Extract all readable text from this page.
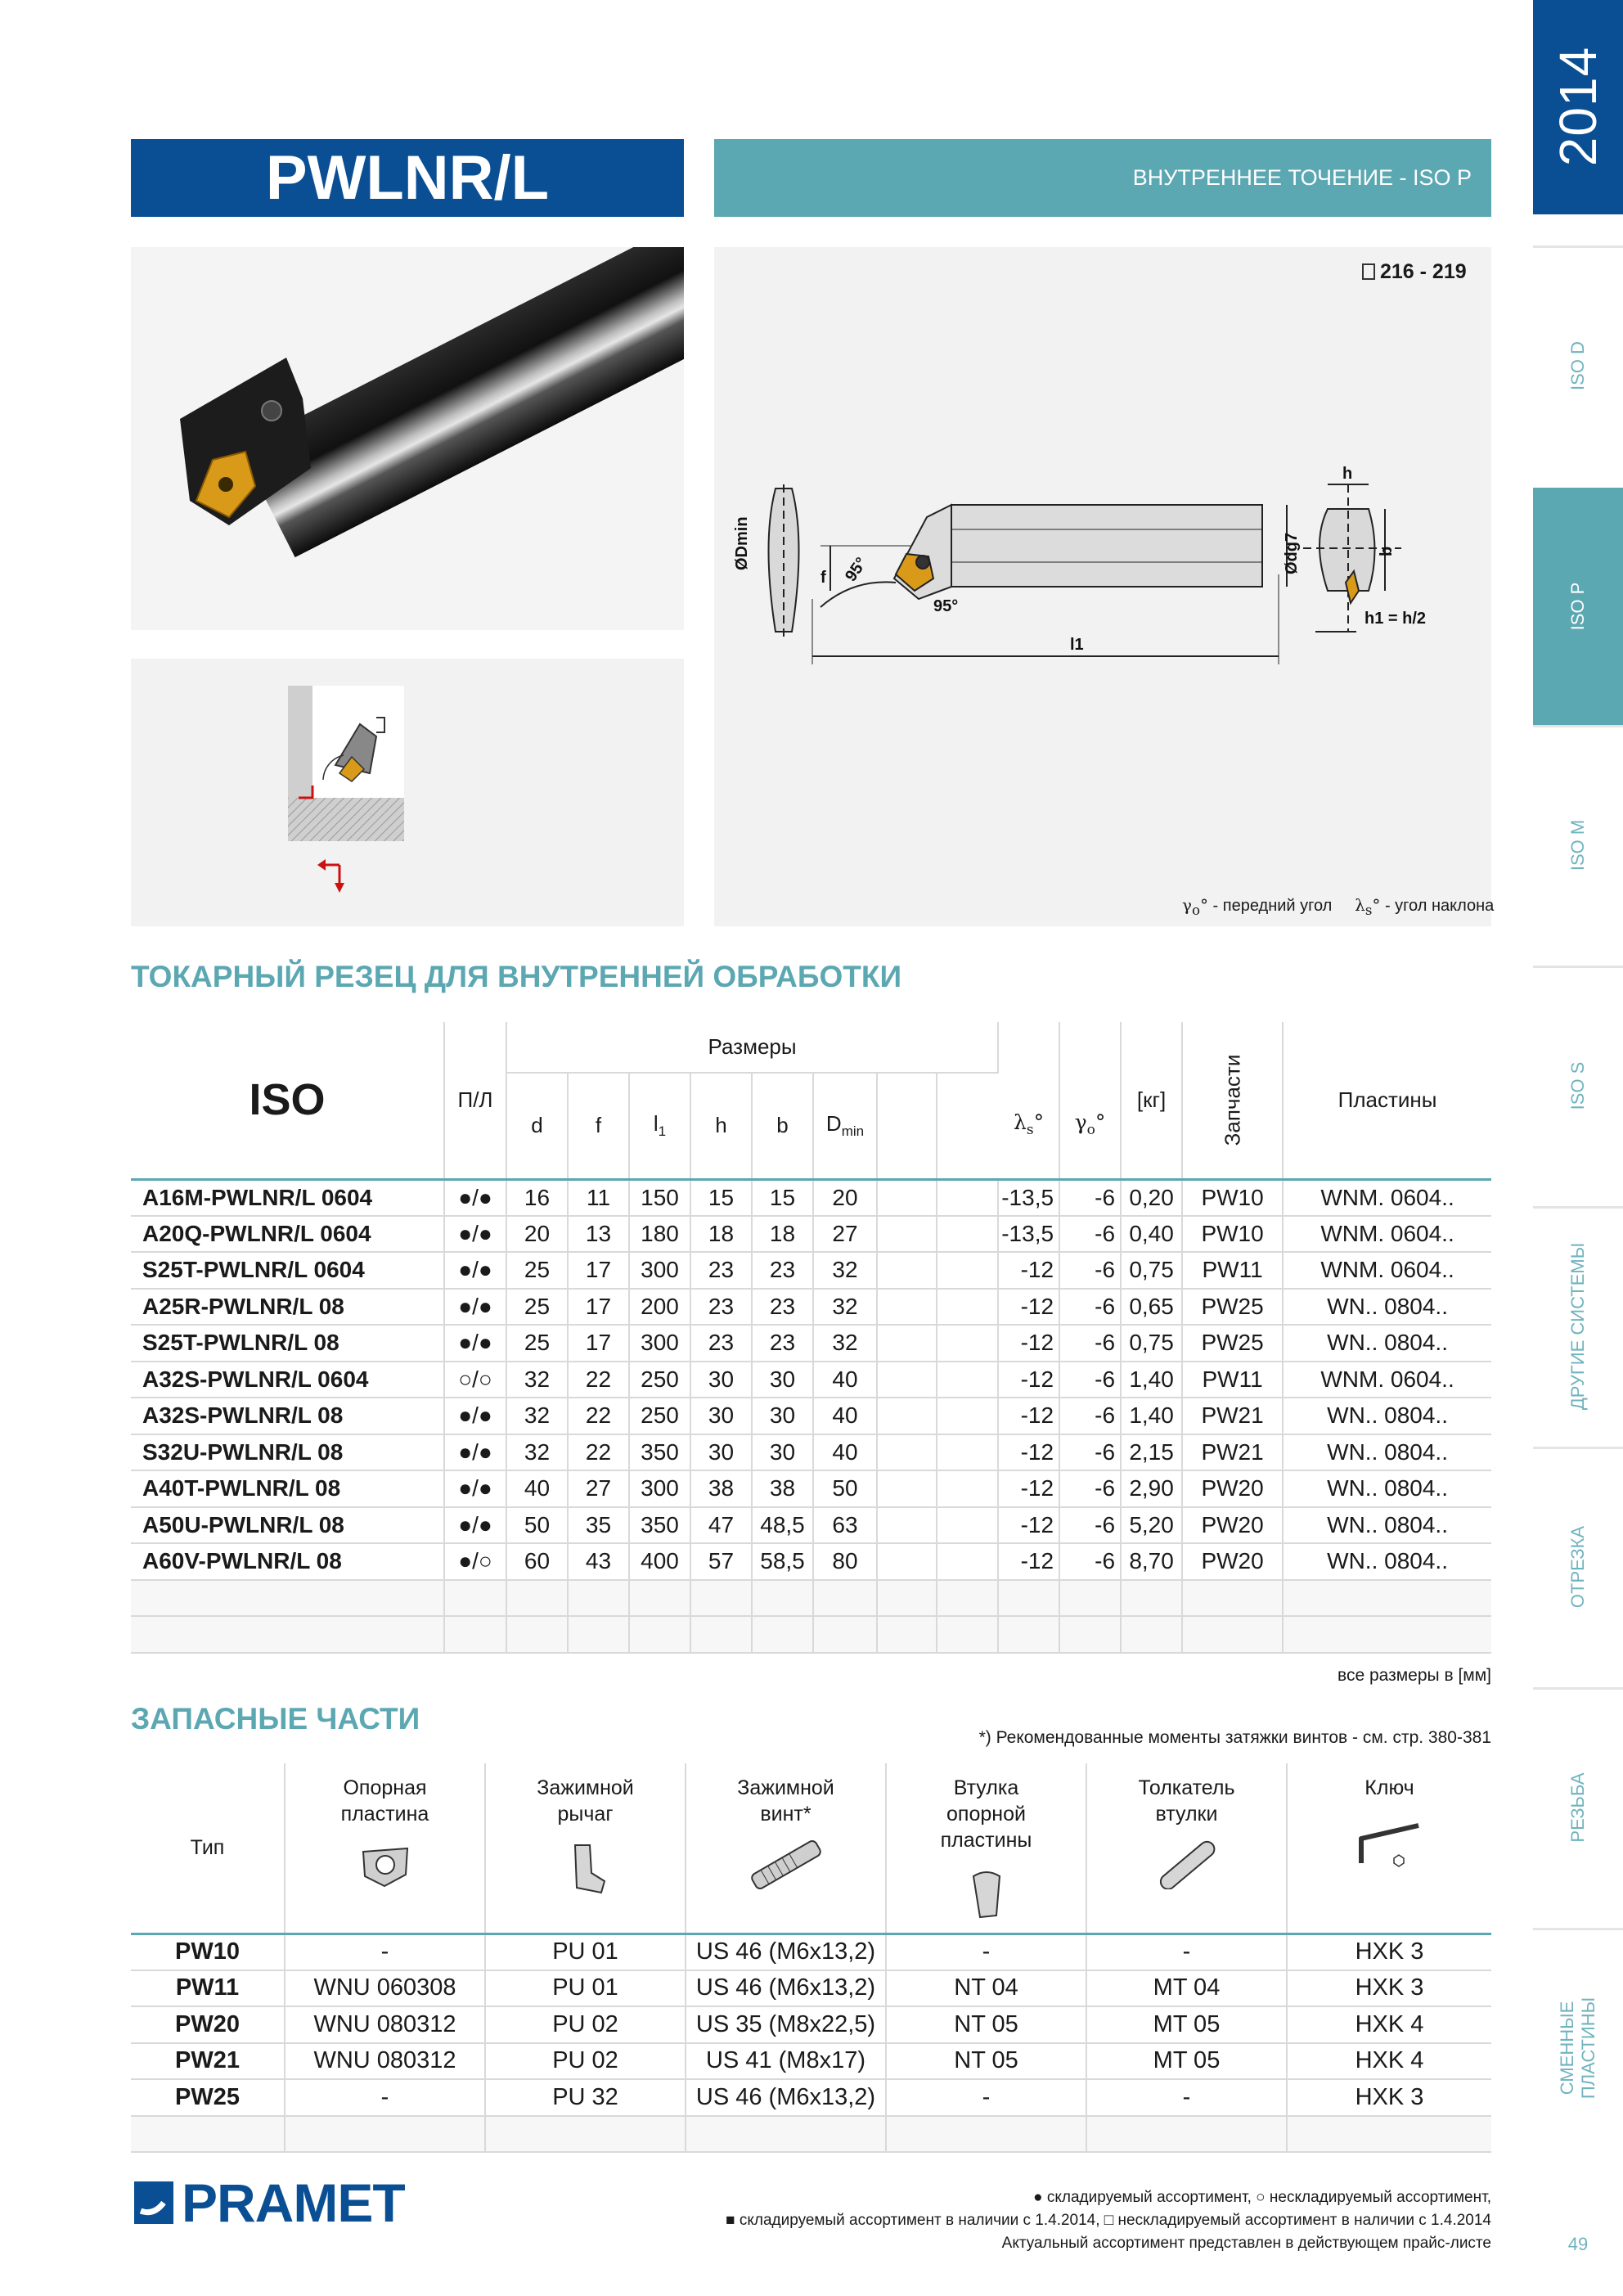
2014
ISO D
ISO P
ISO M
ISO S
ДРУГИЕ СИСТЕМЫ
ОТРЕЗКА
РЕЗЬБА
СМЕННЫЕ ПЛАСТИНЫ
49
PWLNR/L	ВНУТРЕННЕЕ ТОЧЕНИЕ - ISO P
ØDmin
f 95°
95°
l1
Ødg7
h
b
h1 = h/2
216 - 219
$\gamma_o^\circ$ - передний угол $\lambda_s^\circ$ - угол наклона
ТОКАРНЫЙ РЕЗЕЦ ДЛЯ ВНУТРЕННЕЙ ОБРАБОТКИ
ISO	П/Л	Размеры								$\lambda_s^\circ$	$\gamma_o^\circ$	[кг]	Запчасти	Пластины
		d	f	$l_1$	h	b	$D_{min}$		
A16M-PWLNR/L 0604	●/●	16	11	150	15	15	20			-13,5	-6	0,20	PW10	WNM. 0604..
A20Q-PWLNR/L 0604	●/●	20	13	180	18	18	27			-13,5	-6	0,40	PW10	WNM. 0604..
S25T-PWLNR/L 0604	●/●	25	17	300	23	23	32			-12	-6	0,75	PW11	WNM. 0604..
A25R-PWLNR/L 08	●/●	25	17	200	23	23	32			-12	-6	0,65	PW25	WN.. 0804..
S25T-PWLNR/L 08	●/●	25	17	300	23	23	32			-12	-6	0,75	PW25	WN.. 0804..
A32S-PWLNR/L 0604	○/○	32	22	250	30	30	40			-12	-6	1,40	PW11	WNM. 0604..
A32S-PWLNR/L 08	●/●	32	22	250	30	30	40			-12	-6	1,40	PW21	WN.. 0804..
S32U-PWLNR/L 08	●/●	32	22	350	30	30	40			-12	-6	2,15	PW21	WN.. 0804..
A40T-PWLNR/L 08	●/●	40	27	300	38	38	50			-12	-6	2,90	PW20	WN.. 0804..
A50U-PWLNR/L 08	●/●	50	35	350	47	48,5	63			-12	-6	5,20	PW20	WN.. 0804..
A60V-PWLNR/L 08	●/○	60	43	400	57	58,5	80			-12	-6	8,70	PW20	WN.. 0804..

все размеры в [мм]
ЗАПАСНЫЕ ЧАСТИ
*) Рекомендованные моменты затяжки винтов - см. стр. 380-381
Тип	Опорная пластина	Зажимной рычаг	Зажимной винт*	Втулка опорной пластины	Толкатель втулки	Ключ

PW10	-	PU 01	US 46 (M6x13,2)	-	-	HXK 3
PW11	WNU 060308	PU 01	US 46 (M6x13,2)	NT 04	MT 04	HXK 3
PW20	WNU 080312	PU 02	US 35 (M8x22,5)	NT 05	MT 05	HXK 4
PW21	WNU 080312	PU 02	US 41 (M8x17)	NT 05	MT 05	HXK 4
PW25	-	PU 32	US 46 (M6x13,2)	-	-	HXK 3

PRAMET	● складируемый ассортимент, ○ нескладируемый ассортимент,
■ складируемый ассортимент в наличии с 1.4.2014, □ нескладируемый ассортимент в наличии с 1.4.2014
Актуальный ассортимент представлен в действующем прайс-листе
